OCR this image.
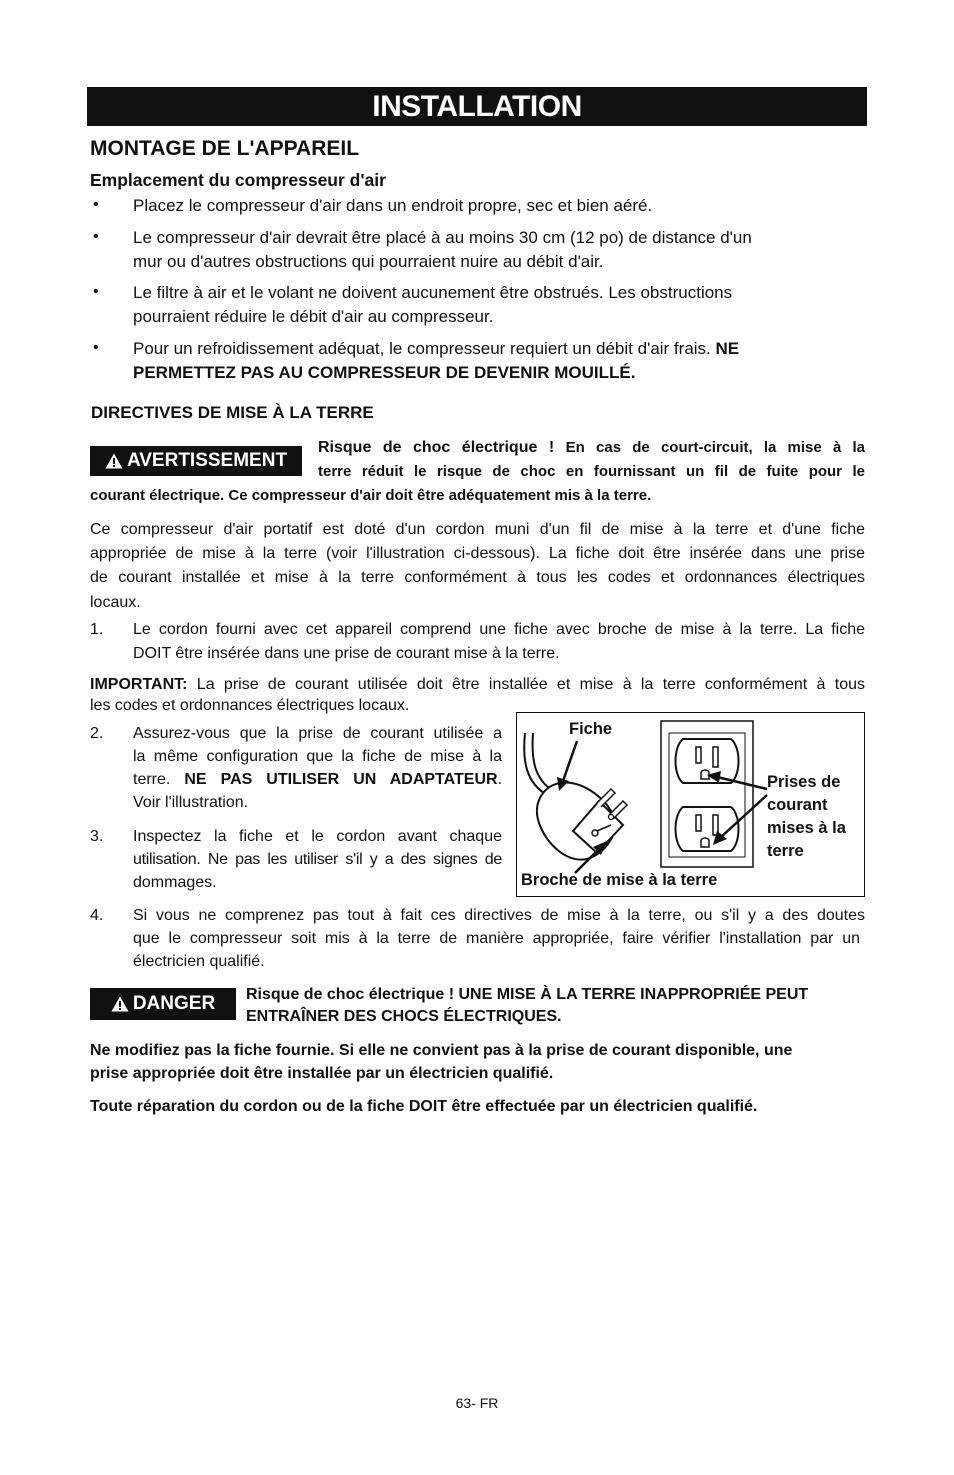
INSTALLATION
MONTAGE DE L'APPAREIL
Emplacement du compresseur d'air
• Placez le compresseur d'air dans un endroit propre, sec et bien aéré.
• Le compresseur d'air devrait être placé à au moins 30 cm (12 po) de distance d'un
mur ou d'autres obstructions qui pourraient nuire au débit d'air.
• Le filtre à air et le volant ne doivent aucunement être obstrués. Les obstructions
pourraient réduire le débit d'air au compresseur.
• Pour un refroidissement adéquat, le compresseur requiert un débit d'air frais. NE
PERMETTEZ PAS AU COMPRESSEUR DE DEVENIR MOUILLÉ.
DIRECTIVES DE MISE À LA TERRE
AVERTISSEMENT
Risque de choc électrique ! En cas de court-circuit, la mise à la
terre réduit le risque de choc en fournissant un fil de fuite pour le
courant électrique. Ce compresseur d'air doit être adéquatement mis à la terre.
Ce compresseur d'air portatif est doté d'un cordon muni d'un fil de mise à la terre et d'une fiche
appropriée de mise à la terre (voir l'illustration ci-dessous). La fiche doit être insérée dans une prise
de courant installée et mise à la terre conformément à tous les codes et ordonnances électriques
locaux.
1. Le cordon fourni avec cet appareil comprend une fiche avec broche de mise à la terre. La fiche
DOIT être insérée dans une prise de courant mise à la terre.
IMPORTANT: La prise de courant utilisée doit être installée et mise à la terre conformément à tous
les codes et ordonnances électriques locaux.
2. Assurez-vous que la prise de courant utilisée a
la même configuration que la fiche de mise à la
terre. NE PAS UTILISER UN ADAPTATEUR.
Voir l'illustration.
3. Inspectez la fiche et le cordon avant chaque
utilisation. Ne pas les utiliser s'il y a des signes de
dommages.
Fiche
Prises de
courant
mises à la
terre
Broche de mise à la terre
4. Si vous ne comprenez pas tout à fait ces directives de mise à la terre, ou s'il y a des doutes
que le compresseur soit mis à la terre de manière appropriée, faire vérifier l'installation par un
électricien qualifié.
DANGER Risque de choc électrique ! UNE MISE À LA TERRE INAPPROPRIÉE PEUT
ENTRAÎNER DES CHOCS ÉLECTRIQUES.
Ne modifiez pas la fiche fournie. Si elle ne convient pas à la prise de courant disponible, une
prise appropriée doit être installée par un électricien qualifié.
Toute réparation du cordon ou de la fiche DOIT être effectuée par un électricien qualifié.
63- FR
